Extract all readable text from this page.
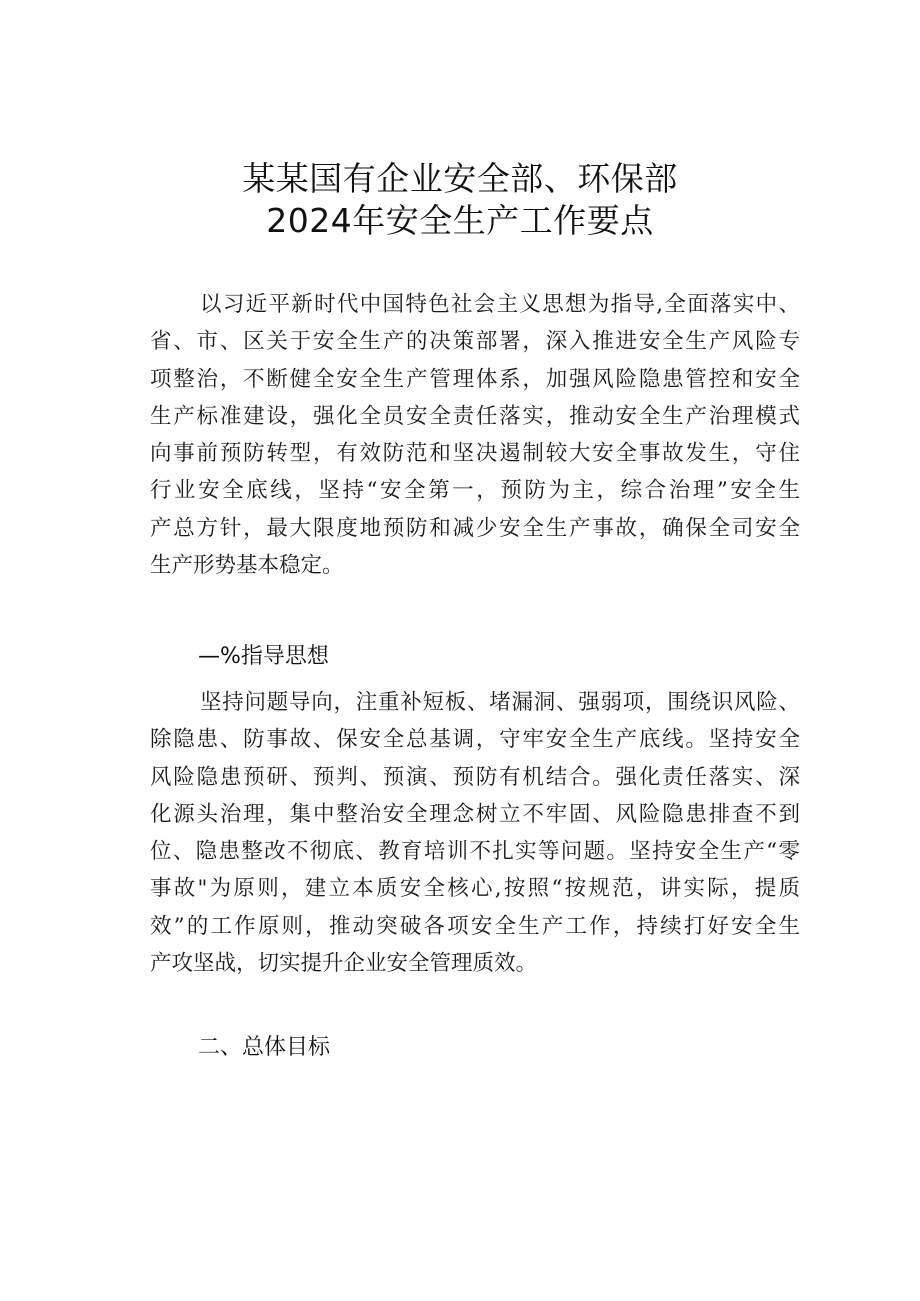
某某国有企业安全部、环保部
2024年安全生产工作要点
以习近平新时代中国特色社会主义思想为指导,全面落实中、
省、市、区关于安全生产的决策部署，深入推进安全生产风险专
项整治，不断健全安全生产管理体系，加强风险隐患管控和安全
生产标准建设，强化全员安全责任落实，推动安全生产治理模式
向事前预防转型，有效防范和坚决遏制较大安全事故发生，守住
行业安全底线，坚持“安全第一，预防为主，综合治理”安全生
产总方针，最大限度地预防和减少安全生产事故，确保全司安全
生产形势基本稳定。
—%指导思想
坚持问题导向，注重补短板、堵漏洞、强弱项，围绕识风险、
除隐患、防事故、保安全总基调，守牢安全生产底线。坚持安全
风险隐患预研、预判、预演、预防有机结合。强化责任落实、深
化源头治理，集中整治安全理念树立不牢固、风险隐患排查不到
位、隐患整改不彻底、教育培训不扎实等问题。坚持安全生产“零
事故"为原则，建立本质安全核心,按照“按规范，讲实际，提质
效”的工作原则，推动突破各项安全生产工作，持续打好安全生
产攻坚战，切实提升企业安全管理质效。
二、总体目标
